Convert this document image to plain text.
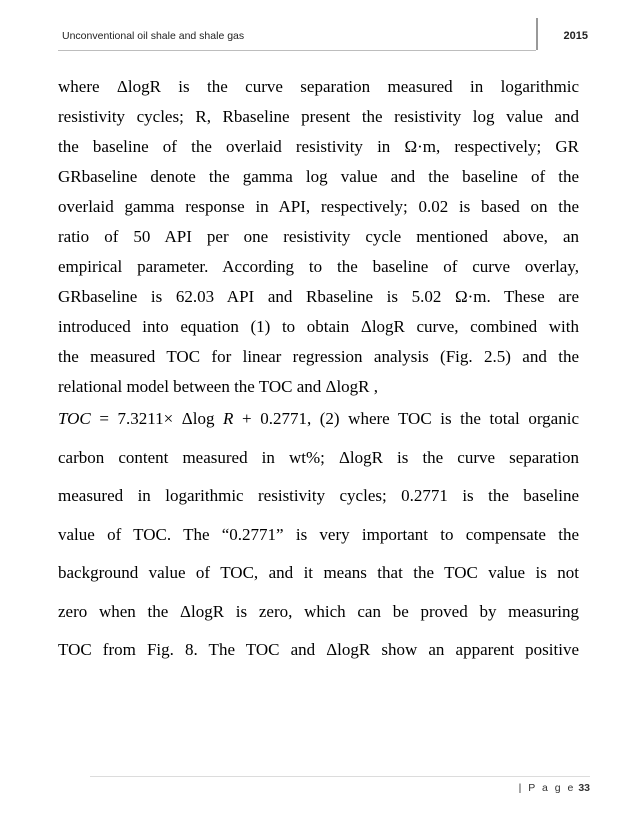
Unconventional oil shale and shale gas	2015
where ΔlogR is the curve separation measured in logarithmic
resistivity cycles; R, Rbaseline present the resistivity log value and
the baseline of the overlaid resistivity in Ω·m, respectively; GR
GRbaseline denote the gamma log value and the baseline of the
overlaid gamma response in API, respectively; 0.02 is based on the
ratio of 50 API per one resistivity cycle mentioned above, an
empirical parameter. According to the baseline of curve overlay,
GRbaseline is 62.03 API and Rbaseline is 5.02 Ω·m. These are
introduced into equation (1) to obtain ΔlogR curve, combined with
the measured TOC for linear regression analysis (Fig. 2.5) and the
relational model between the TOC and ΔlogR ,
TOC = 7.3211× Δlog R + 0.2771, (2) where TOC is the total organic
carbon content measured in wt%; ΔlogR is the curve separation
measured in logarithmic resistivity cycles; 0.2771 is the baseline
value of TOC. The “0.2771” is very important to compensate the
background value of TOC, and it means that the TOC value is not
zero when the ΔlogR is zero, which can be proved by measuring
TOC from Fig. 8. The TOC and ΔlogR show an apparent positive
| P a g e 33
